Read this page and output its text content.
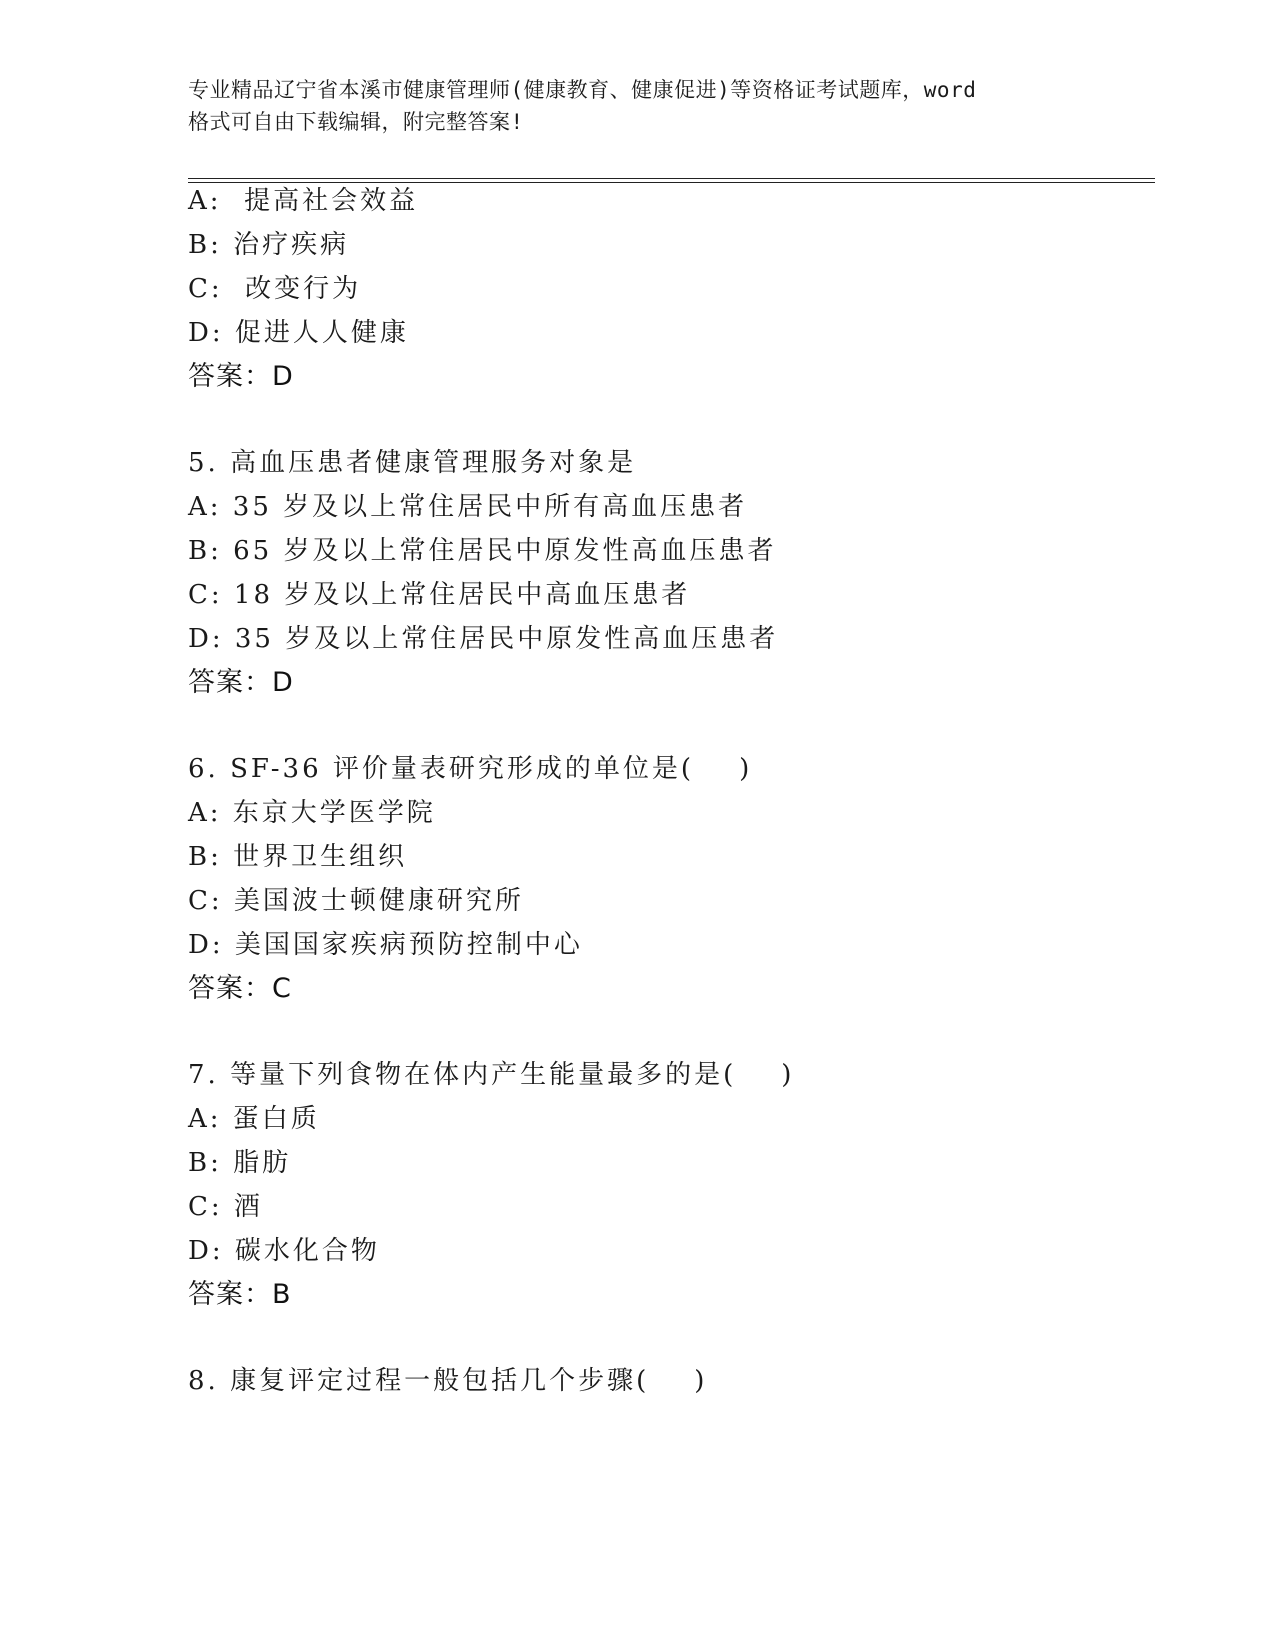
专业精品辽宁省本溪市健康管理师(健康教育、健康促进)等资格证考试题库，word
格式可自由下载编辑，附完整答案!
A:  提高社会效益
B: 治疗疾病
C:  改变行为
D: 促进人人健康
答案：D
5. 高血压患者健康管理服务对象是
A: 35 岁及以上常住居民中所有高血压患者
B: 65 岁及以上常住居民中原发性高血压患者
C: 18 岁及以上常住居民中高血压患者
D: 35 岁及以上常住居民中原发性高血压患者
答案：D
6. SF-36 评价量表研究形成的单位是(    )
A: 东京大学医学院
B: 世界卫生组织
C: 美国波士顿健康研究所
D: 美国国家疾病预防控制中心
答案：C
7. 等量下列食物在体内产生能量最多的是(    )
A: 蛋白质
B: 脂肪
C: 酒
D: 碳水化合物
答案：B
8. 康复评定过程一般包括几个步骤(    )
